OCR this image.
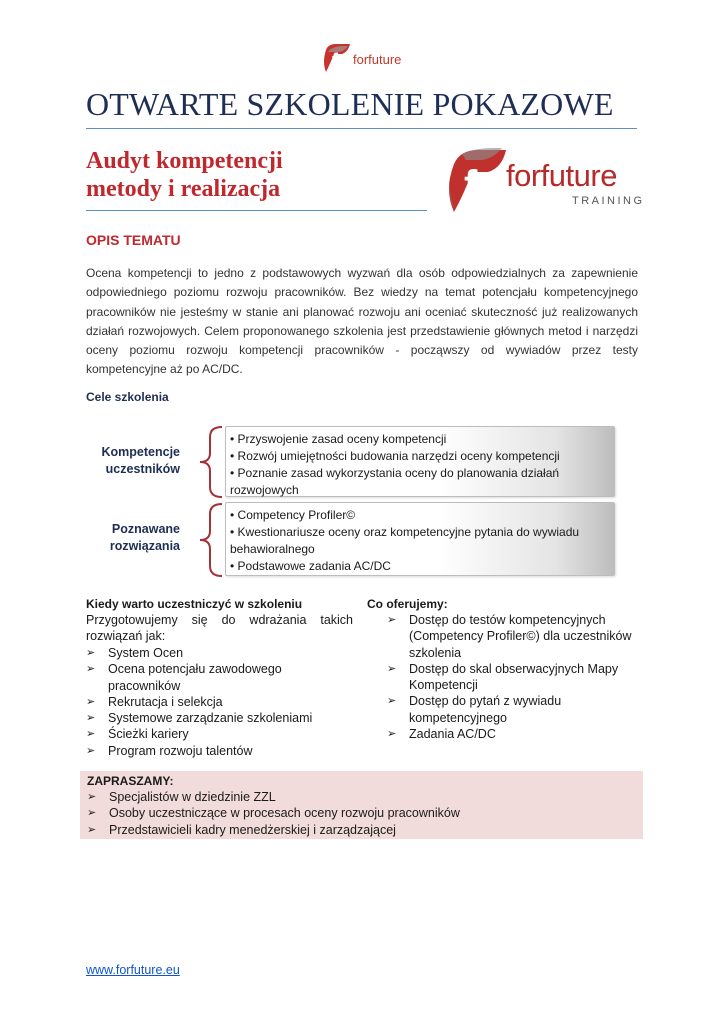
f forfuture
OTWARTE SZKOLENIE POKAZOWE
Audyt kompetencji
metody i realizacja	f forfuture
TRAINING
OPIS TEMATU
Ocena kompetencji to jedno z podstawowych wyzwań dla osób odpowiedzialnych za zapewnienie odpowiedniego poziomu rozwoju pracowników. Bez wiedzy na temat potencjału kompetencyjnego pracowników nie jesteśmy w stanie ani planować rozwoju ani oceniać skuteczność już realizowanych działań rozwojowych. Celem proponowanego szkolenia jest przedstawienie głównych metod i narzędzi oceny poziomu rozwoju kompetencji pracowników - począwszy od wywiadów przez testy kompetencyjne aż po AC/DC.
Cele szkolenia
Kompetencje uczestników
Poznawane rozwiązania
• Przyswojenie zasad oceny kompetencji
• Rozwój umiejętności budowania narzędzi oceny kompetencji
• Poznanie zasad wykorzystania oceny do planowania działań rozwojowych
• Competency Profiler©
• Kwestionariusze oceny oraz kompetencyjne pytania do wywiadu behawioralnego
• Podstawowe zadania AC/DC
Kiedy warto uczestniczyć w szkoleniu
Przygotowujemy się do wdrażania takich rozwiązań jak:
➢ System Ocen
➢ Ocena potencjału zawodowego pracowników
➢ Rekrutacja i selekcja
➢ Systemowe zarządzanie szkoleniami
➢ Ścieżki kariery
➢ Program rozwoju talentów
Co oferujemy:
➢ Dostęp do testów kompetencyjnych (Competency Profiler©) dla uczestników szkolenia
➢ Dostęp do skal obserwacyjnych Mapy Kompetencji
➢ Dostęp do pytań z wywiadu kompetencyjnego
➢ Zadania AC/DC
ZAPRASZAMY:
➢ Specjalistów w dziedzinie ZZL
➢ Osoby uczestniczące w procesach oceny rozwoju pracowników
➢ Przedstawicieli kadry menedżerskiej i zarządzającej
www.forfuture.eu
